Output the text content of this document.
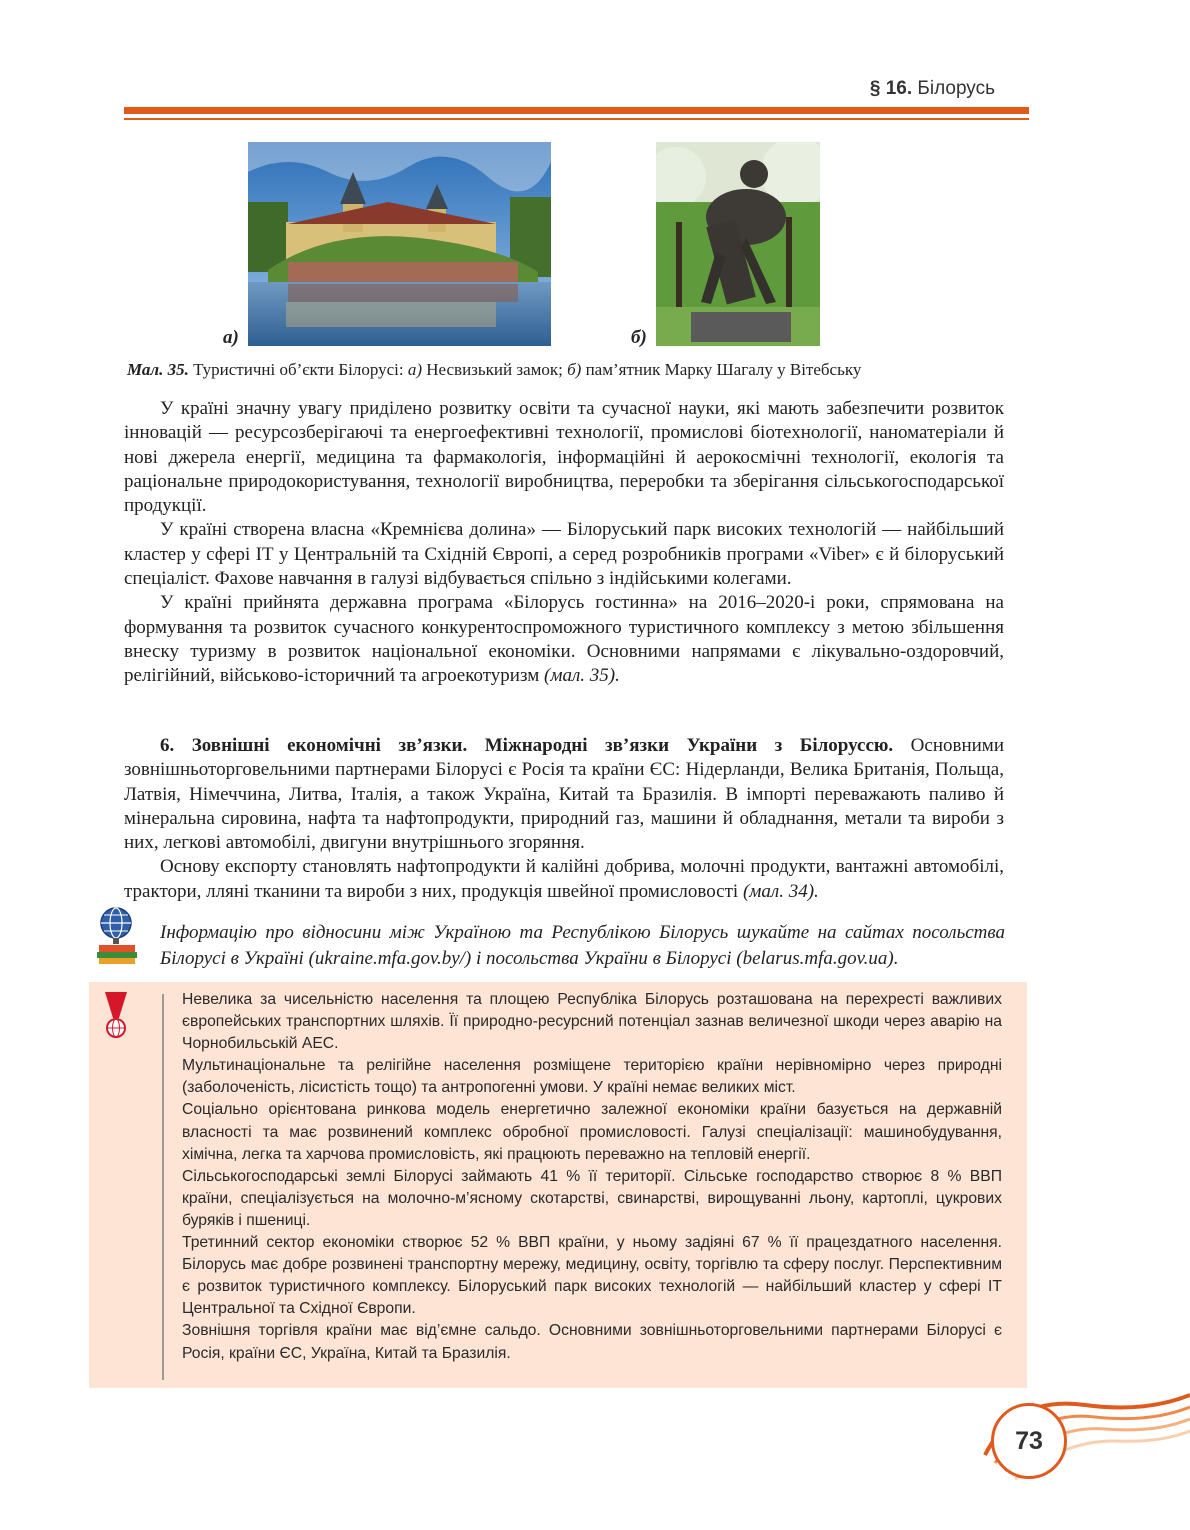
§ 16. Білорусь
а)	б)
Мал. 35. Туристичні об’єкти Білорусі: а) Несвизький замок; б) пам’ятник Марку Шагалу у Вітебську

У країні значну увагу приділено розвитку освіти та сучасної науки, які мають забезпечити розвиток інновацій — ресурсозберігаючі та енергоефективні технології, промислові біотехнології, наноматеріали й нові джерела енергії, медицина та фармакологія, інформаційні й аерокосмічні технології, екологія та раціональне природокористування, технології виробництва, переробки та зберігання сільськогосподарської продукції.

У країні створена власна «Кремнієва долина» — Білоруський парк високих технологій — найбільший кластер у сфері ІТ у Центральній та Східній Європі, а серед розробників програми «Viber» є й білоруський спеціаліст. Фахове навчання в галузі відбувається спільно з індійськими колегами.

У країні прийнята державна програма «Білорусь гостинна» на 2016–2020-і роки, спрямована на формування та розвиток сучасного конкурентоспроможного туристичного комплексу з метою збільшення внеску туризму в розвиток національної економіки. Основними напрямами є лікувально-оздоровчий, релігійний, військово-історичний та агроекотуризм (мал. 35).

6. Зовнішні економічні зв’язки. Міжнародні зв’язки України з Білоруссю. Основними зовнішньоторговельними партнерами Білорусі є Росія та країни ЄС: Нідерланди, Велика Британія, Польща, Латвія, Німеччина, Литва, Італія, а також Україна, Китай та Бразилія. В імпорті переважають паливо й мінеральна сировина, нафта та нафтопродукти, природний газ, машини й обладнання, метали та вироби з них, легкові автомобілі, двигуни внутрішнього згоряння.

Основу експорту становлять нафтопродукти й калійні добрива, молочні продукти, вантажні автомобілі, трактори, лляні тканини та вироби з них, продукція швейної промисловості (мал. 34).

Інформацію про відносини між Україною та Республікою Білорусь шукайте на сайтах посольства Білорусі в Україні (ukraine.mfa.gov.by/) і посольства України в Білорусі (belarus.mfa.gov.ua).

Невелика за чисельністю населення та площею Республіка Білорусь розташована на перехресті важливих європейських транспортних шляхів. Її природно-ресурсний потенціал зазнав величезної шкоди через аварію на Чорнобильській АЕС.

Мультинаціональне та релігійне населення розміщене територією країни нерівномірно через природні (заболоченість, лісистість тощо) та антропогенні умови. У країні немає великих міст.

Соціально орієнтована ринкова модель енергетично залежної економіки країни базується на державній власності та має розвинений комплекс обробної промисловості. Галузі спеціалізації: машинобудування, хімічна, легка та харчова промисловість, які працюють переважно на тепловій енергії.

Сільськогосподарські землі Білорусі займають 41 % її території. Сільське господарство створює 8 % ВВП країни, спеціалізується на молочно-м’ясному скотарстві, свинарстві, вирощуванні льону, картоплі, цукрових буряків і пшениці.

Третинний сектор економіки створює 52 % ВВП країни, у ньому задіяні 67 % її працездатного населення. Білорусь має добре розвинені транспортну мережу, медицину, освіту, торгівлю та сферу послуг. Перспективним є розвиток туристичного комплексу. Білоруський парк високих технологій — найбільший кластер у сфері ІТ Центральної та Східної Європи.

Зовнішня торгівля країни має від’ємне сальдо. Основними зовнішньоторговельними партнерами Білорусі є Росія, країни ЄС, Україна, Китай та Бразилія.

73
